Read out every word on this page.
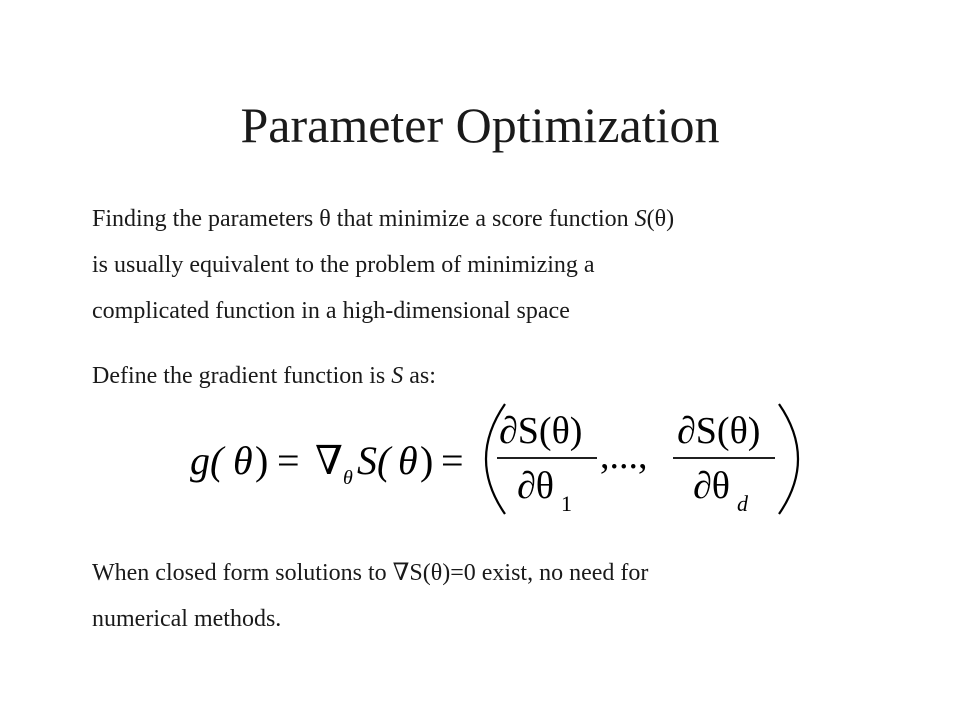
Parameter Optimization
Finding the parameters θ that minimize a score function S(θ)
is usually equivalent to the problem of minimizing a
complicated function in a high-dimensional space
Define the gradient function is S as:
g( θ ) = ∇ θ S( θ ) =
∂S(θ)
∂θ 1
,...,
∂S(θ)
∂θ d
When closed form solutions to ∇S(θ)=0 exist, no need for
numerical methods.
